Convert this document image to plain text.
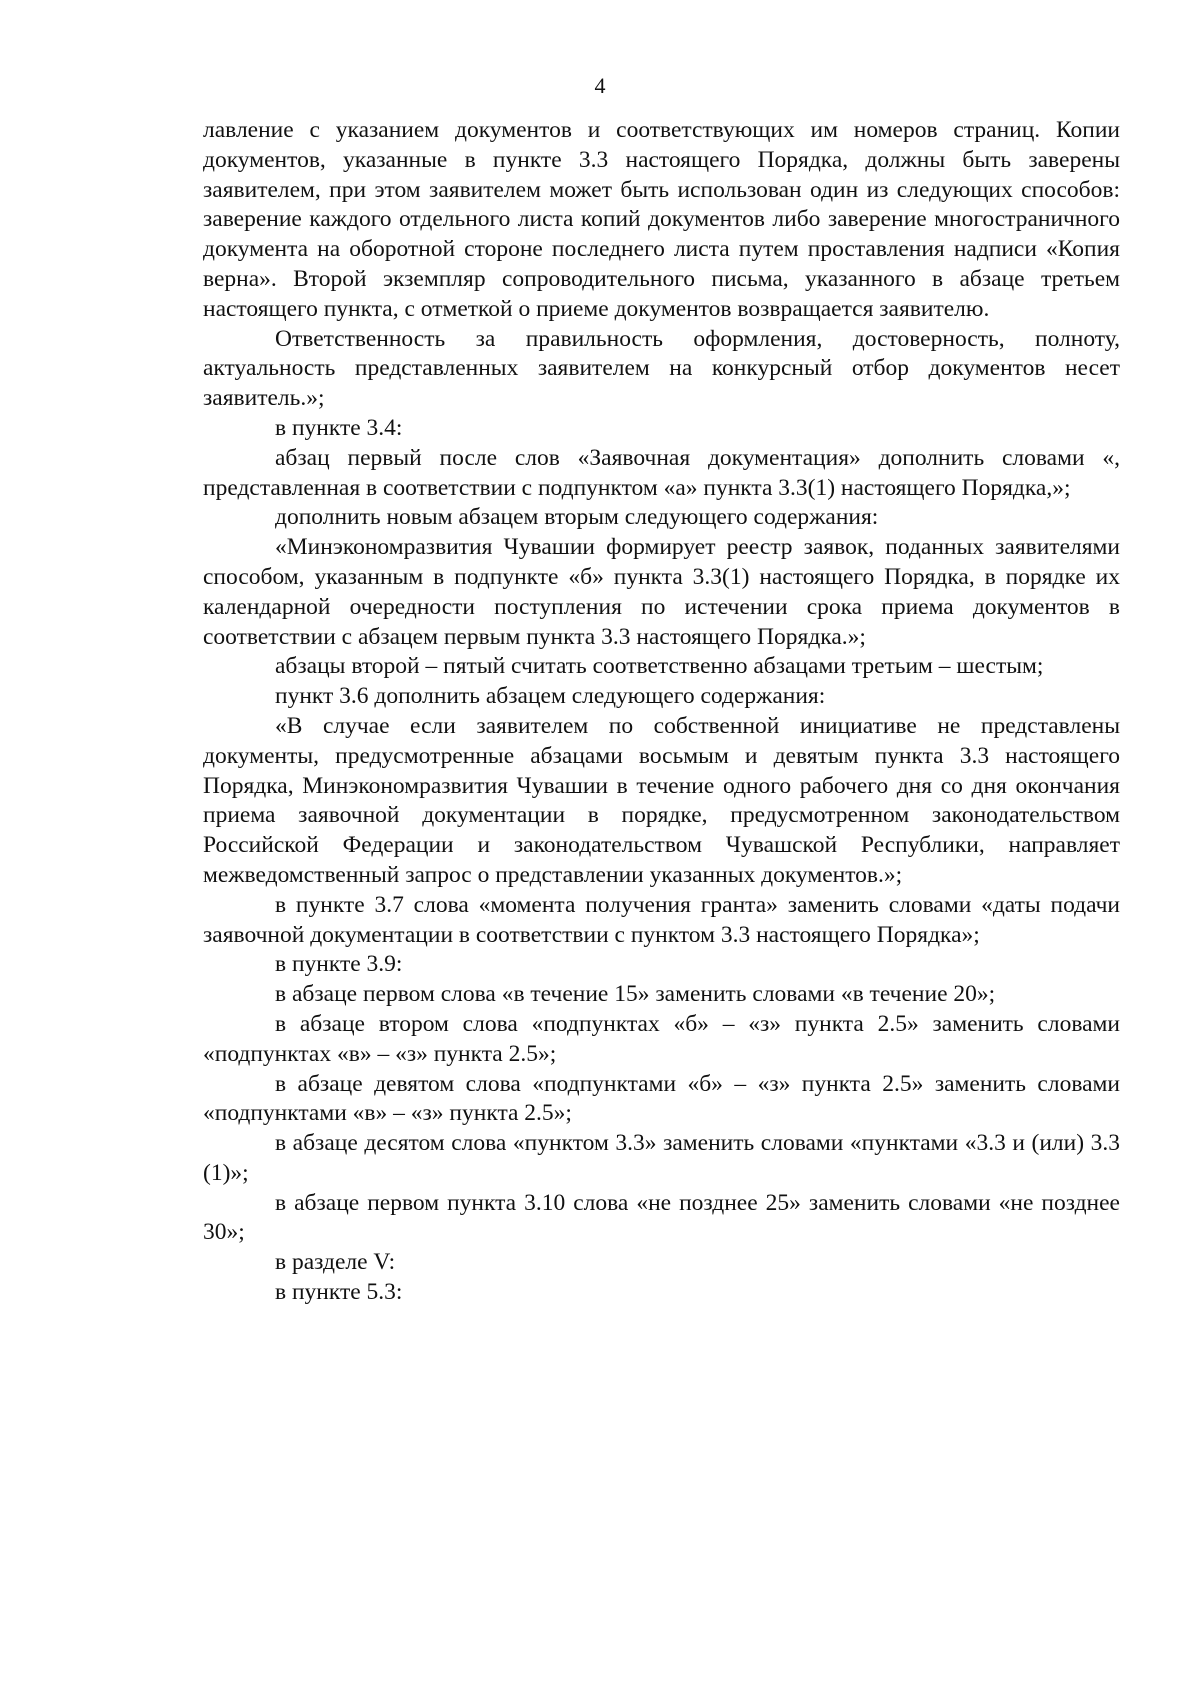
4

лавление с указанием документов и соответствующих им номеров страниц. Копии документов, указанные в пункте 3.3 настоящего Порядка, должны быть заверены заявителем, при этом заявителем может быть использован один из следующих способов: заверение каждого отдельного листа копий документов либо заверение многостраничного документа на оборотной стороне последнего листа путем проставления надписи «Копия верна». Второй экземпляр сопроводительного письма, указанного в абзаце третьем настоящего пункта, с отметкой о приеме документов возвращается заявителю.

Ответственность за правильность оформления, достоверность, полноту, актуальность представленных заявителем на конкурсный отбор документов несет заявитель.»;

в пункте 3.4:

абзац первый после слов «Заявочная документация» дополнить словами «, представленная в соответствии с подпунктом «а» пункта 3.3(1) настоящего Порядка,»;

дополнить новым абзацем вторым следующего содержания:

«Минэкономразвития Чувашии формирует реестр заявок, поданных заявителями способом, указанным в подпункте «б» пункта 3.3(1) настоящего Порядка, в порядке их календарной очередности поступления по истечении срока приема документов в соответствии с абзацем первым пункта 3.3 настоящего Порядка.»;

абзацы второй – пятый считать соответственно абзацами третьим – шестым;

пункт 3.6 дополнить абзацем следующего содержания:

«В случае если заявителем по собственной инициативе не представлены документы, предусмотренные абзацами восьмым и девятым пункта 3.3 настоящего Порядка, Минэкономразвития Чувашии в течение одного рабочего дня со дня окончания приема заявочной документации в порядке, предусмотренном законодательством Российской Федерации и законодательством Чувашской Республики, направляет межведомственный запрос о представлении указанных документов.»;

в пункте 3.7 слова «момента получения гранта» заменить словами «даты подачи заявочной документации в соответствии с пунктом 3.3 настоящего Порядка»;

в пункте 3.9:

в абзаце первом слова «в течение 15» заменить словами «в течение 20»;

в абзаце втором слова «подпунктах «б» – «з» пункта 2.5» заменить словами «подпунктах «в» – «з» пункта 2.5»;

в абзаце девятом слова «подпунктами «б» – «з» пункта 2.5» заменить словами «подпунктами «в» – «з» пункта 2.5»;

в абзаце десятом слова «пунктом 3.3» заменить словами «пунктами «3.3 и (или) 3.3 (1)»;

в абзаце первом пункта 3.10 слова «не позднее 25» заменить словами «не позднее 30»;

в разделе V:

в пункте 5.3:
